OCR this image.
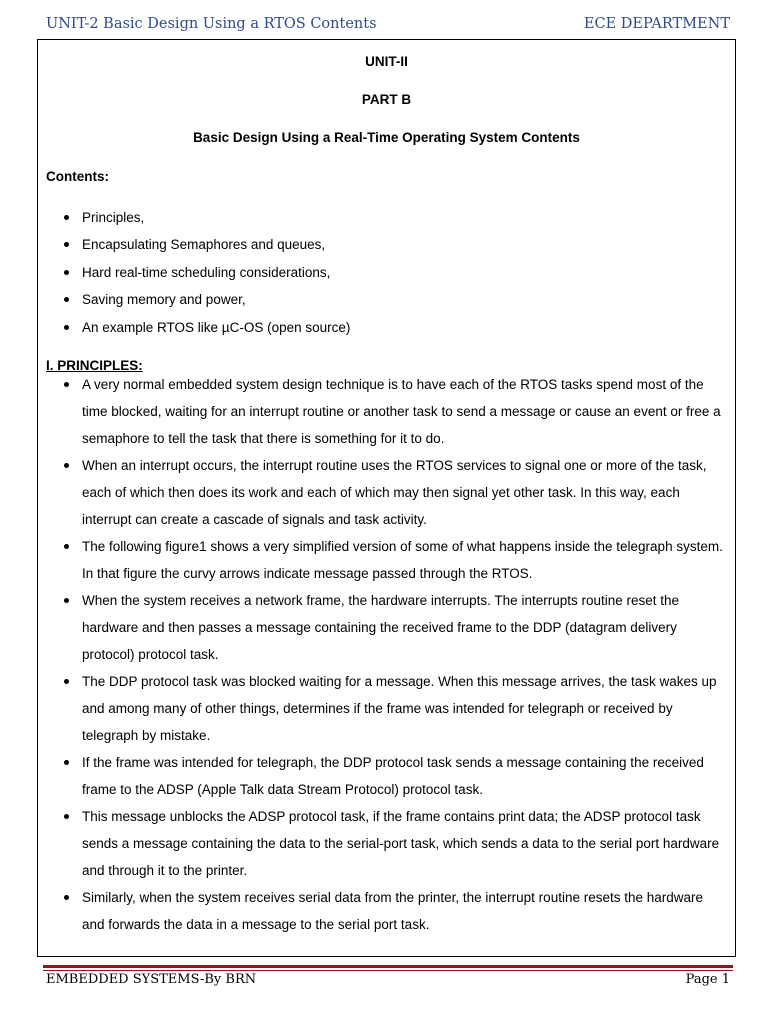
UNIT-2 Basic Design Using a RTOS Contents	ECE DEPARTMENT
UNIT-II
PART B
Basic Design Using a Real-Time Operating System Contents
Contents:
Principles,
Encapsulating Semaphores and queues,
Hard real-time scheduling considerations,
Saving memory and power,
An example RTOS like µC-OS (open source)
I. PRINCIPLES:
A very normal embedded system design technique is to have each of the RTOS tasks spend most of the time blocked, waiting for an interrupt routine or another task to send a message or cause an event or free a semaphore to tell the task that there is something for it to do.
When an interrupt occurs, the interrupt routine uses the RTOS services to signal one or more of the task, each of which then does its work and each of which may then signal yet other task. In this way, each interrupt can create a cascade of signals and task activity.
The following figure1 shows a very simplified version of some of what happens inside the telegraph system. In that figure the curvy arrows indicate message passed through the RTOS.
When the system receives a network frame, the hardware interrupts. The interrupts routine reset the hardware and then passes a message containing the received frame to the DDP (datagram delivery protocol) protocol task.
The DDP protocol task was blocked waiting for a message. When this message arrives, the task wakes up and among many of other things, determines if the frame was intended for telegraph or received by telegraph by mistake.
If the frame was intended for telegraph, the DDP protocol task sends a message containing the received frame to the ADSP (Apple Talk data Stream Protocol) protocol task.
This message unblocks the ADSP protocol task, if the frame contains print data; the ADSP protocol task sends a message containing the data to the serial-port task, which sends a data to the serial port hardware and through it to the printer.
Similarly, when the system receives serial data from the printer, the interrupt routine resets the hardware and forwards the data in a message to the serial port task.
EMBEDDED SYSTEMS-By BRN	Page 1
